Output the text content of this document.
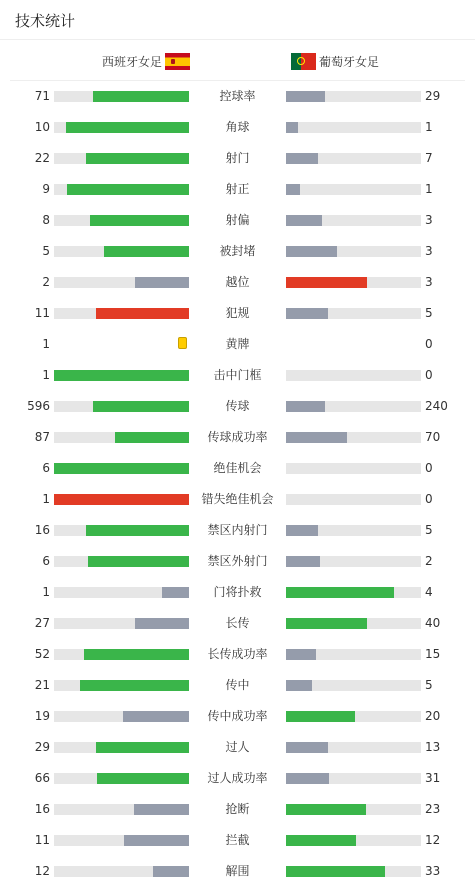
技术统计
西班牙女足	葡萄牙女足
71	控球率	29
10	角球	1
22	射门	7
9	射正	1
8	射偏	3
5	被封堵	3
2	越位	3
11	犯规	5
1	黄牌	0
1	击中门框	0
596	传球	240
87	传球成功率	70
6	绝佳机会	0
1	错失绝佳机会	0
16	禁区内射门	5
6	禁区外射门	2
1	门将扑救	4
27	长传	40
52	长传成功率	15
21	传中	5
19	传中成功率	20
29	过人	13
66	过人成功率	31
16	抢断	23
11	拦截	12
12	解围	33
